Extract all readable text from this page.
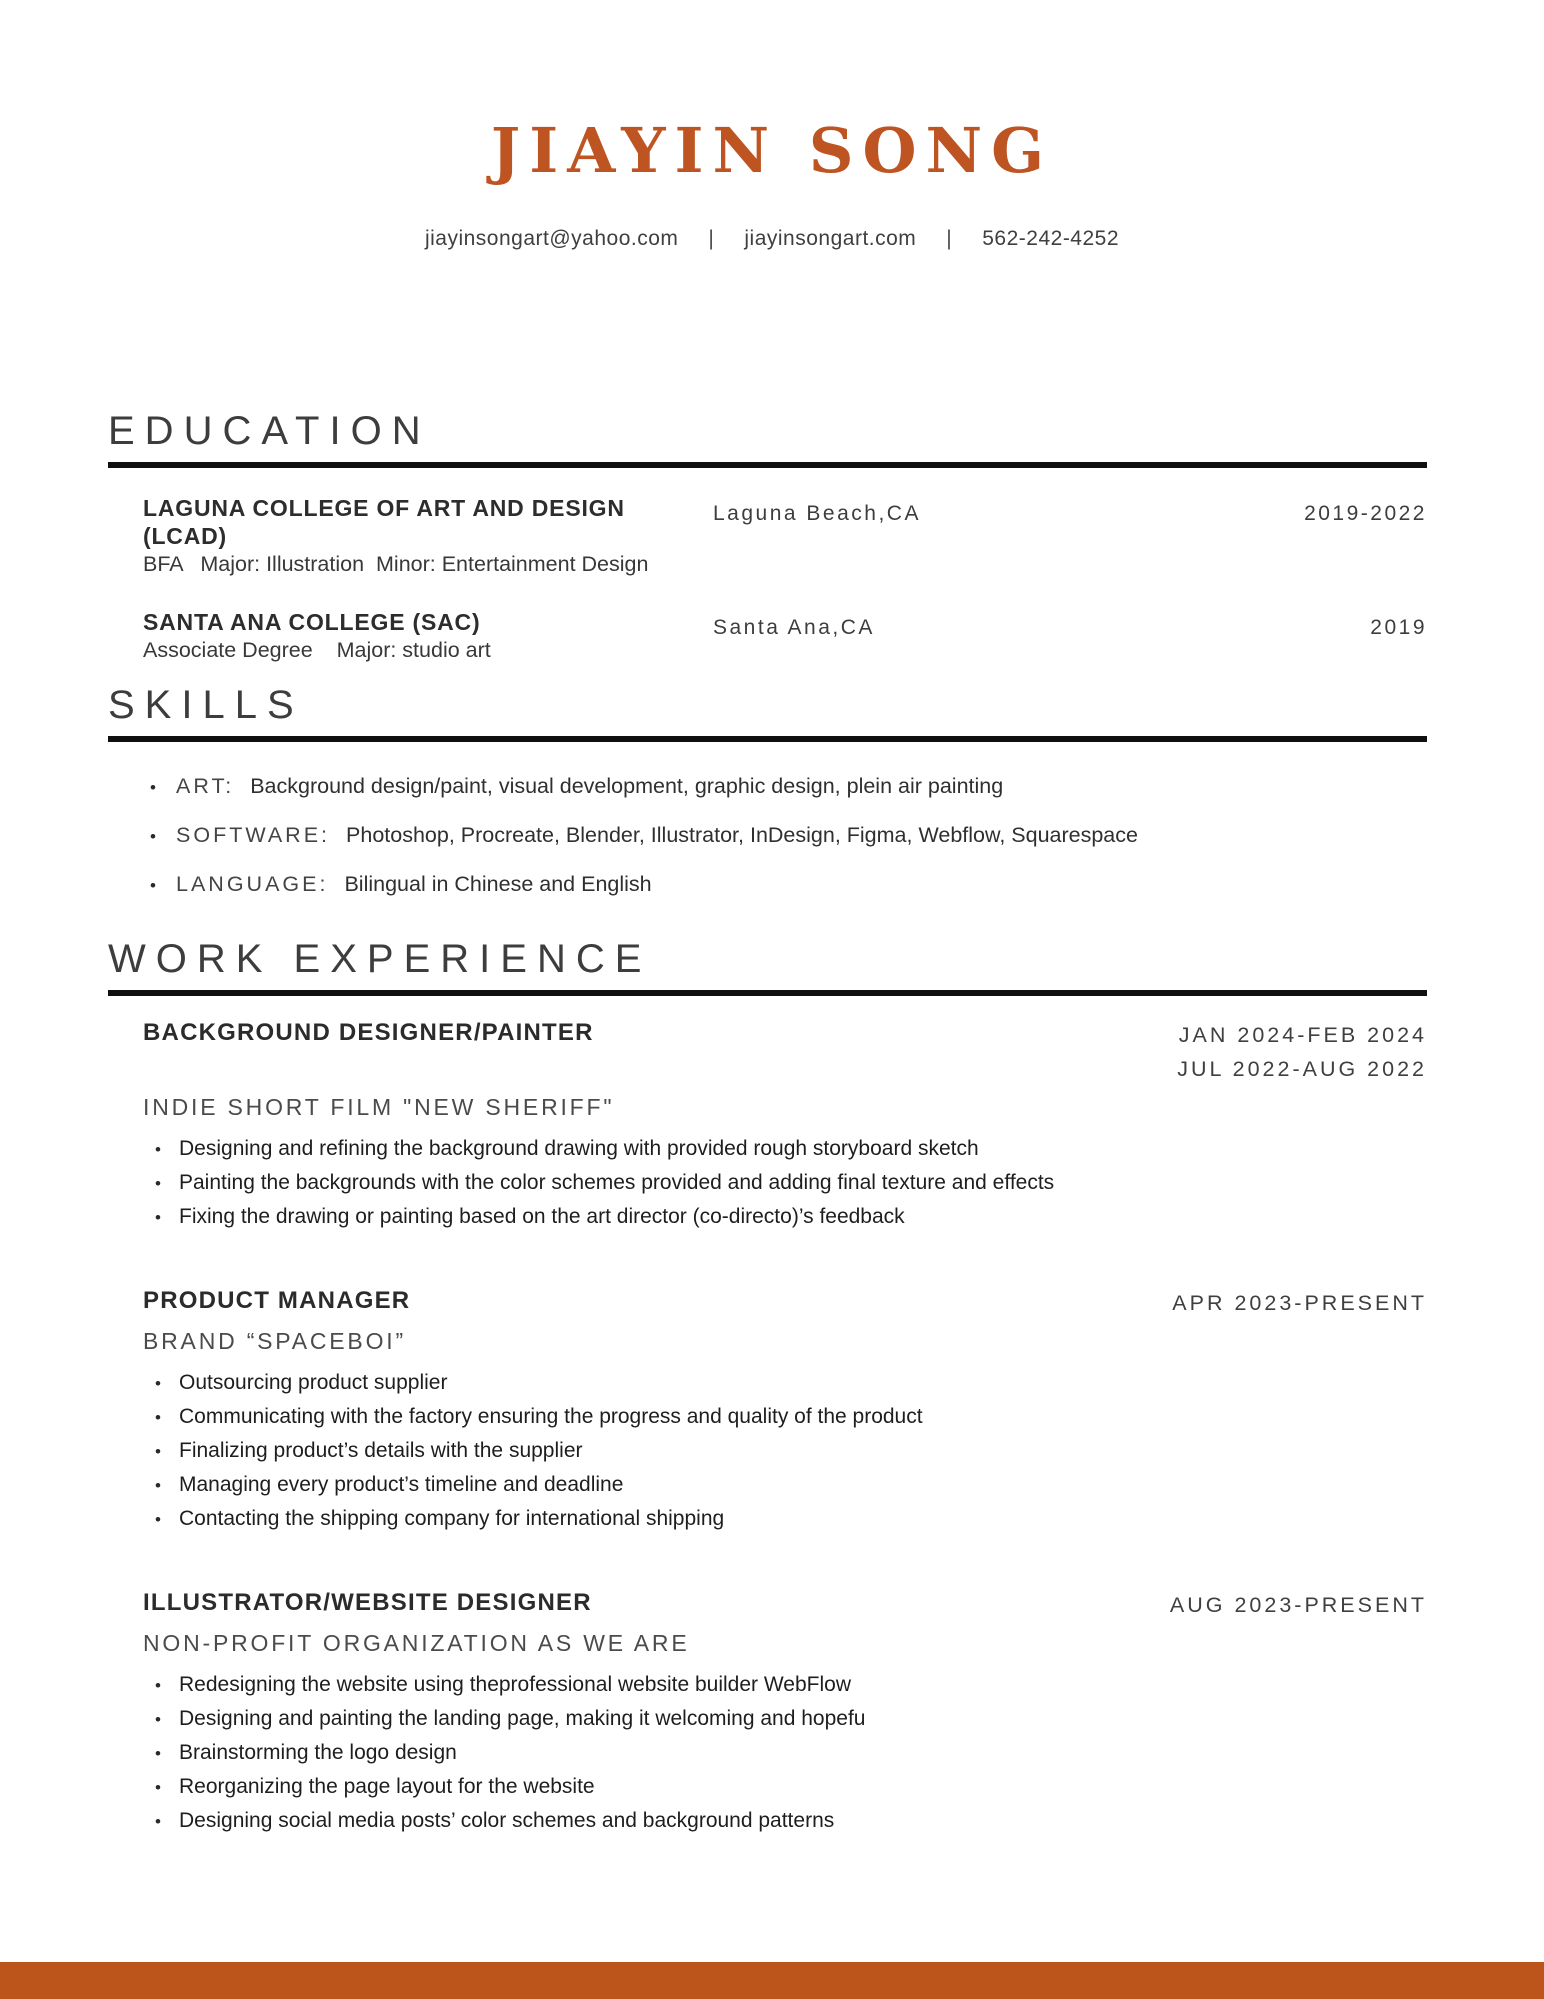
JIAYIN SONG
jiayinsongart@yahoo.com | jiayinsongart.com | 562-242-4252
EDUCATION
LAGUNA COLLEGE OF ART AND DESIGN (LCAD)
BFA   Major: Illustration  Minor: Entertainment Design
Laguna Beach,CA	2019-2022
SANTA ANA COLLEGE (SAC)
Associate Degree    Major: studio art
Santa Ana,CA	2019
SKILLS
• ART: Background design/paint, visual development, graphic design, plein air painting
• SOFTWARE: Photoshop, Procreate, Blender, Illustrator, InDesign, Figma, Webflow, Squarespace
• LANGUAGE: Bilingual in Chinese and English
WORK EXPERIENCE
BACKGROUND DESIGNER/PAINTER	JAN 2024-FEB 2024
JUL 2022-AUG 2022
INDIE SHORT FILM "NEW SHERIFF"
• Designing and refining the background drawing with provided rough storyboard sketch
• Painting the backgrounds with the color schemes provided and adding final texture and effects
• Fixing the drawing or painting based on the art director (co-directo)’s feedback
PRODUCT MANAGER	APR 2023-PRESENT
BRAND “SPACEBOI”
• Outsourcing product supplier
• Communicating with the factory ensuring the progress and quality of the product
• Finalizing product’s details with the supplier
• Managing every product’s timeline and deadline
• Contacting the shipping company for international shipping
ILLUSTRATOR/WEBSITE DESIGNER	AUG 2023-PRESENT
NON-PROFIT ORGANIZATION AS WE ARE
• Redesigning the website using theprofessional website builder WebFlow
• Designing and painting the landing page, making it welcoming and hopefu
• Brainstorming the logo design
• Reorganizing the page layout for the website
• Designing social media posts’ color schemes and background patterns
